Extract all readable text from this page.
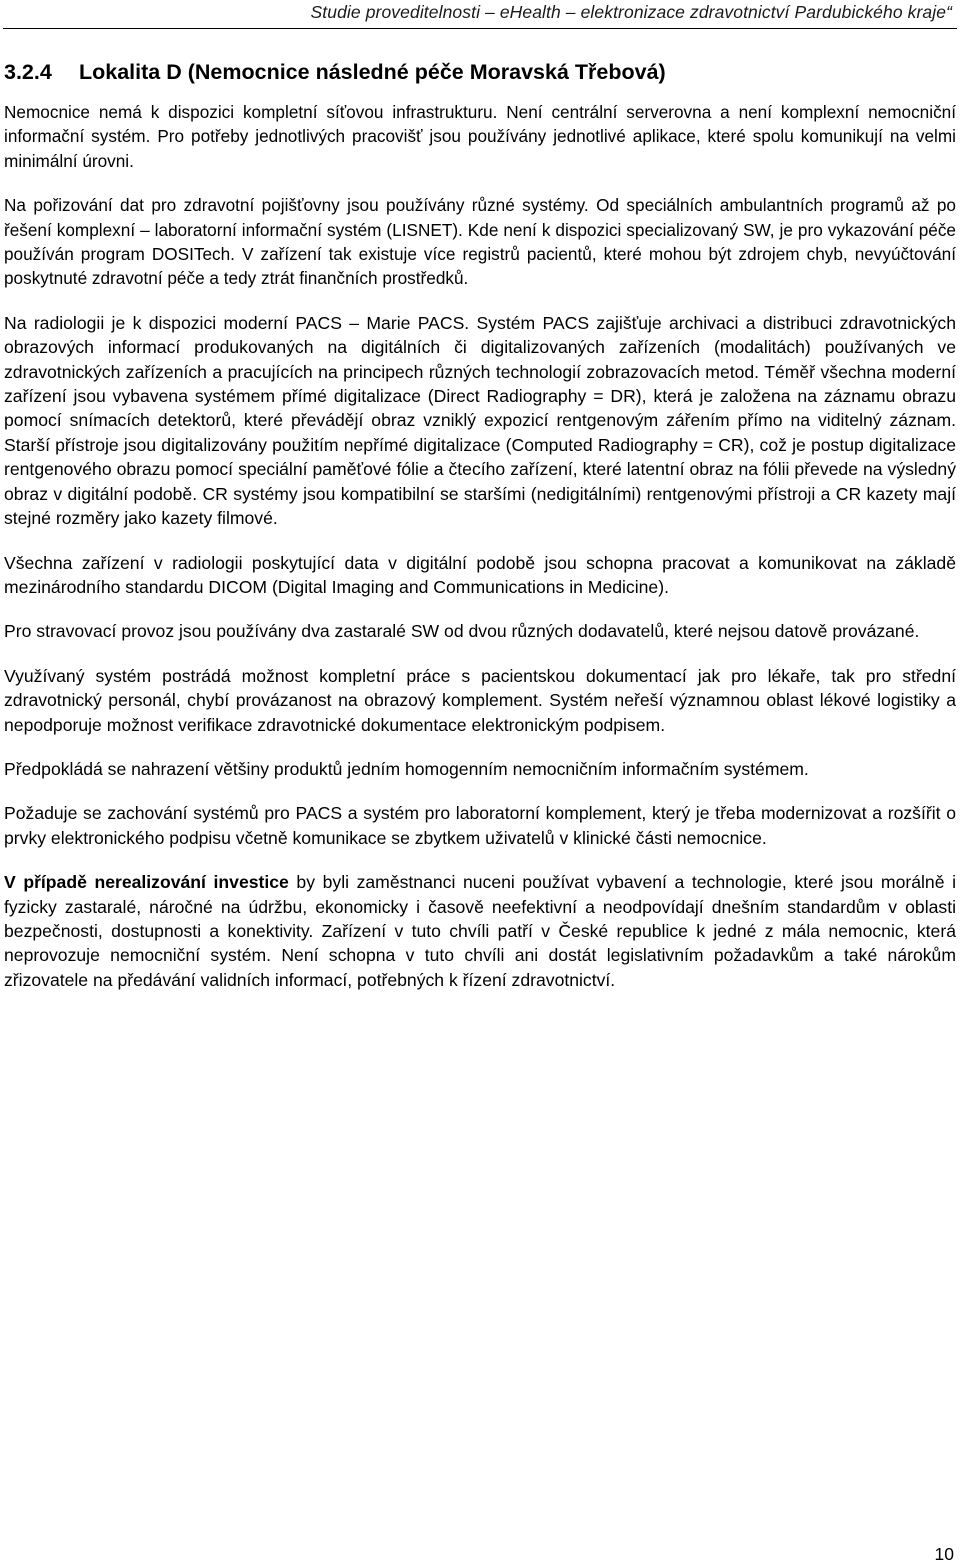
Studie proveditelnosti – eHealth – elektronizace zdravotnictví Pardubického kraje“
3.2.4 Lokalita D (Nemocnice následné péče Moravská Třebová)

Nemocnice nemá k dispozici kompletní síťovou infrastrukturu. Není centrální serverovna a není komplexní nemocniční informační systém. Pro potřeby jednotlivých pracovišť jsou používány jednotlivé aplikace, které spolu komunikují na velmi minimální úrovni.

Na pořizování dat pro zdravotní pojišťovny jsou používány různé systémy. Od speciálních ambulantních programů až po řešení komplexní – laboratorní informační systém (LISNET). Kde není k dispozici specializovaný SW, je pro vykazování péče používán program DOSITech. V zařízení tak existuje více registrů pacientů, které mohou být zdrojem chyb, nevyúčtování poskytnuté zdravotní péče a tedy ztrát finančních prostředků.

Na radiologii je k dispozici moderní PACS – Marie PACS. Systém PACS zajišťuje archivaci a distribuci zdravotnických obrazových informací produkovaných na digitálních či digitalizovaných zařízeních (modalitách) používaných ve zdravotnických zařízeních a pracujících na principech různých technologií zobrazovacích metod. Téměř všechna moderní zařízení jsou vybavena systémem přímé digitalizace (Direct Radiography = DR), která je založena na záznamu obrazu pomocí snímacích detektorů, které převádějí obraz vzniklý expozicí rentgenovým zářením přímo na viditelný záznam. Starší přístroje jsou digitalizovány použitím nepřímé digitalizace (Computed Radiography = CR), což je postup digitalizace rentgenového obrazu pomocí speciální paměťové fólie a čtecího zařízení, které latentní obraz na fólii převede na výsledný obraz v digitální podobě. CR systémy jsou kompatibilní se staršími (nedigitálními) rentgenovými přístroji a CR kazety mají stejné rozměry jako kazety filmové.

Všechna zařízení v radiologii poskytující data v digitální podobě jsou schopna pracovat a komunikovat na základě mezinárodního standardu DICOM (Digital Imaging and Communications in Medicine).

Pro stravovací provoz jsou používány dva zastaralé SW od dvou různých dodavatelů, které nejsou datově provázané.

Využívaný systém postrádá možnost kompletní práce s pacientskou dokumentací jak pro lékaře, tak pro střední zdravotnický personál, chybí provázanost na obrazový komplement. Systém neřeší významnou oblast lékové logistiky a nepodporuje možnost verifikace zdravotnické dokumentace elektronickým podpisem.

Předpokládá se nahrazení většiny produktů jedním homogenním nemocničním informačním systémem.

Požaduje se zachování systémů pro PACS a systém pro laboratorní komplement, který je třeba modernizovat a rozšířit o prvky elektronického podpisu včetně komunikace se zbytkem uživatelů v klinické části nemocnice.

V případě nerealizování investice by byli zaměstnanci nuceni používat vybavení a technologie, které jsou morálně i fyzicky zastaralé, náročné na údržbu, ekonomicky i časově neefektivní a neodpovídají dnešním standardům v oblasti bezpečnosti, dostupnosti a konektivity. Zařízení v tuto chvíli patří v České republice k jedné z mála nemocnic, která neprovozuje nemocniční systém. Není schopna v tuto chvíli ani dostát legislativním požadavkům a také nárokům zřizovatele na předávání validních informací, potřebných k řízení zdravotnictví.

10
